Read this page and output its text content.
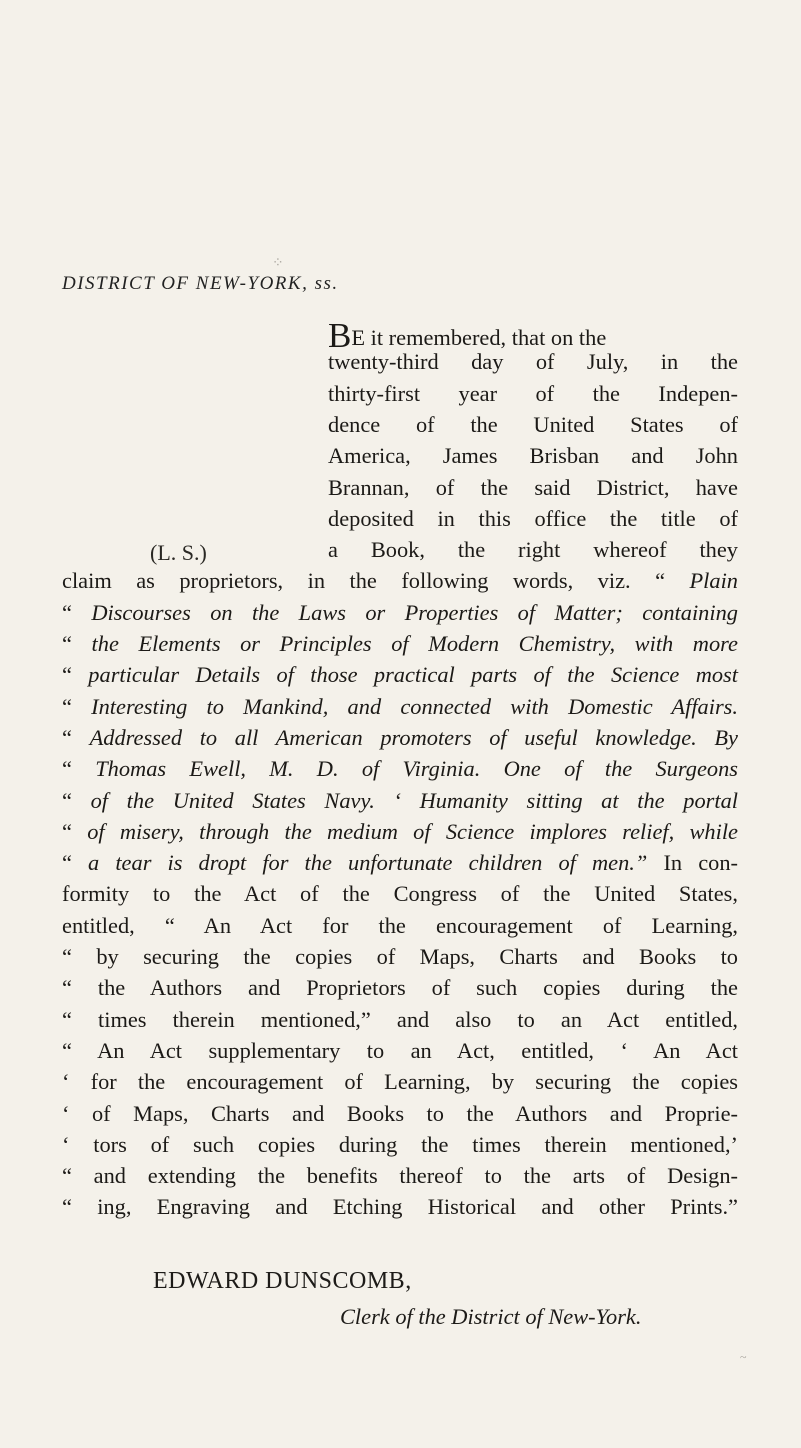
⁘
~
DISTRICT OF NEW-YORK, ss.
(L. S.)
BE it remembered, that on the
twenty-third day of July, in the
thirty-first year of the Indepen-
dence of the United States of
America, James Brisban and John
Brannan, of the said District, have
deposited in this office the title of
a Book, the right whereof they
claim as proprietors, in the following words, viz. “ Plain
“ Discourses on the Laws or Properties of Matter; containing
“ the Elements or Principles of Modern Chemistry, with more
“ particular Details of those practical parts of the Science most
“ Interesting to Mankind, and connected with Domestic Affairs.
“ Addressed to all American promoters of useful knowledge. By
“ Thomas Ewell, M. D. of Virginia. One of the Surgeons
“ of the United States Navy. ‘ Humanity sitting at the portal
“ of misery, through the medium of Science implores relief, while
“ a tear is dropt for the unfortunate children of men.” In con-
formity to the Act of the Congress of the United States,
entitled, “ An Act for the encouragement of Learning,
“ by securing the copies of Maps, Charts and Books to
“ the Authors and Proprietors of such copies during the
“ times therein mentioned,” and also to an Act entitled,
“ An Act supplementary to an Act, entitled, ‘ An Act
‘ for the encouragement of Learning, by securing the copies
‘ of Maps, Charts and Books to the Authors and Proprie-
‘ tors of such copies during the times therein mentioned,’
“ and extending the benefits thereof to the arts of Design-
“ ing, Engraving and Etching Historical and other Prints.”
EDWARD DUNSCOMB,
Clerk of the District of New-York.
